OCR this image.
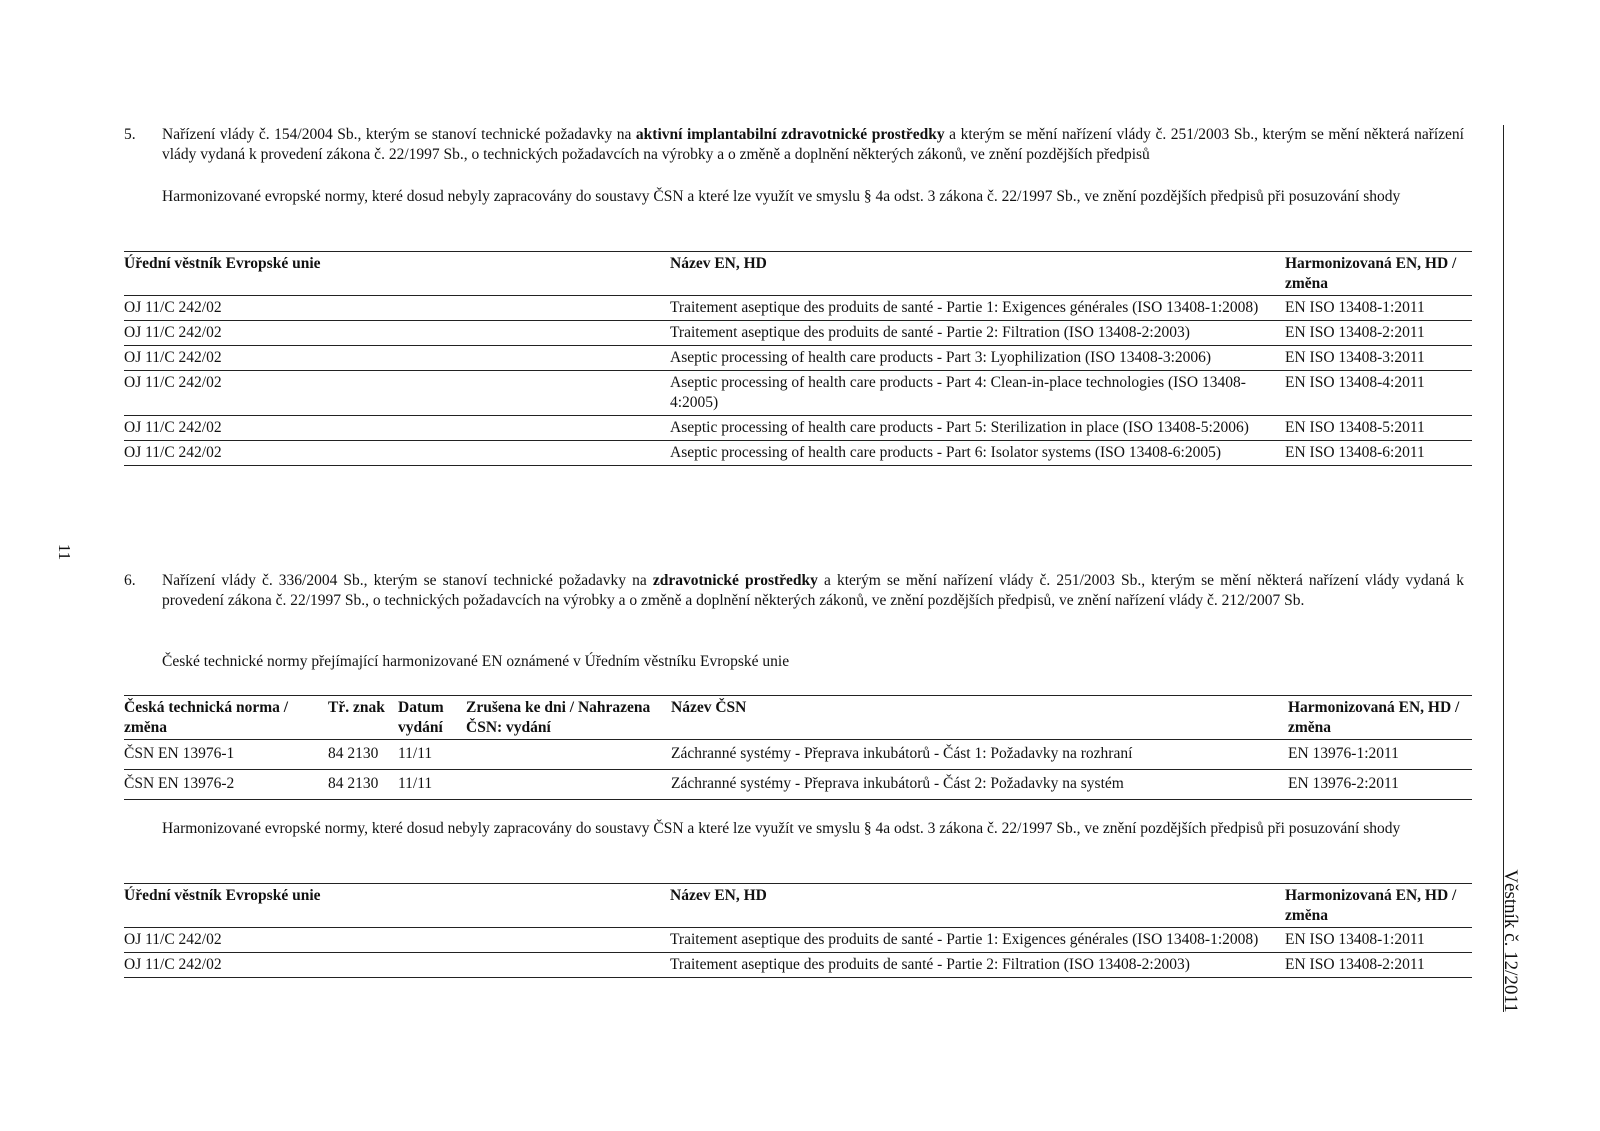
11
Věstník č. 12/2011
5. Nařízení vlády č. 154/2004 Sb., kterým se stanoví technické požadavky na aktivní implantabilní zdravotnické prostředky a kterým se mění nařízení vlády č. 251/2003 Sb., kterým se mění některá nařízení vlády vydaná k provedení zákona č. 22/1997 Sb., o technických požadavcích na výrobky a o změně a doplnění některých zákonů, ve znění pozdějších předpisů

Harmonizované evropské normy, které dosud nebyly zapracovány do soustavy ČSN a které lze využít ve smyslu § 4a odst. 3 zákona č. 22/1997 Sb., ve znění pozdějších předpisů při posuzování shody

Úřední věstník Evropské unie	Název EN, HD	Harmonizovaná EN, HD / změna
OJ 11/C 242/02	Traitement aseptique des produits de santé - Partie 1: Exigences générales (ISO 13408-1:2008)	EN ISO 13408-1:2011
OJ 11/C 242/02	Traitement aseptique des produits de santé - Partie 2: Filtration (ISO 13408-2:2003)	EN ISO 13408-2:2011
OJ 11/C 242/02	Aseptic processing of health care products - Part 3: Lyophilization (ISO 13408-3:2006)	EN ISO 13408-3:2011
OJ 11/C 242/02	Aseptic processing of health care products - Part 4: Clean-in-place technologies (ISO 13408-4:2005)	EN ISO 13408-4:2011
OJ 11/C 242/02	Aseptic processing of health care products - Part 5: Sterilization in place (ISO 13408-5:2006)	EN ISO 13408-5:2011
OJ 11/C 242/02	Aseptic processing of health care products - Part 6: Isolator systems (ISO 13408-6:2005)	EN ISO 13408-6:2011
6. Nařízení vlády č. 336/2004 Sb., kterým se stanoví technické požadavky na zdravotnické prostředky a kterým se mění nařízení vlády č. 251/2003 Sb., kterým se mění některá nařízení vlády vydaná k provedení zákona č. 22/1997 Sb., o technických požadavcích na výrobky a o změně a doplnění některých zákonů, ve znění pozdějších předpisů, ve znění nařízení vlády č. 212/2007 Sb.

České technické normy přejímající harmonizované EN oznámené v Úředním věstníku Evropské unie

Česká technická norma / změna	Tř. znak	Datum vydání	Zrušena ke dni / Nahrazena ČSN: vydání	Název ČSN	Harmonizovaná EN, HD / změna
ČSN EN 13976-1	84 2130	11/11		Záchranné systémy - Přeprava inkubátorů - Část 1: Požadavky na rozhraní	EN 13976-1:2011
ČSN EN 13976-2	84 2130	11/11		Záchranné systémy - Přeprava inkubátorů - Část 2: Požadavky na systém	EN 13976-2:2011

Harmonizované evropské normy, které dosud nebyly zapracovány do soustavy ČSN a které lze využít ve smyslu § 4a odst. 3 zákona č. 22/1997 Sb., ve znění pozdějších předpisů při posuzování shody

Úřední věstník Evropské unie	Název EN, HD	Harmonizovaná EN, HD / změna
OJ 11/C 242/02	Traitement aseptique des produits de santé - Partie 1: Exigences générales (ISO 13408-1:2008)	EN ISO 13408-1:2011
OJ 11/C 242/02	Traitement aseptique des produits de santé - Partie 2: Filtration (ISO 13408-2:2003)	EN ISO 13408-2:2011
